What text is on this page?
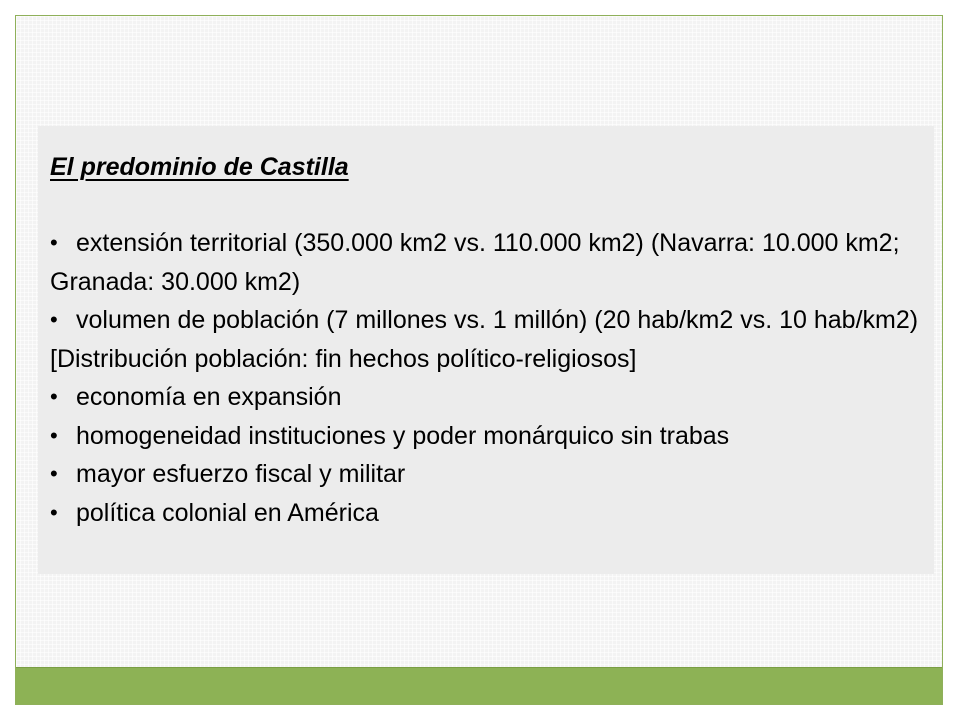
El predominio de Castilla
• extensión territorial (350.000 km2 vs. 110.000 km2) (Navarra: 10.000 km2; Granada: 30.000 km2)
• volumen de población (7 millones vs. 1 millón) (20 hab/km2 vs. 10 hab/km2) [Distribución población: fin hechos político-religiosos]
• economía en expansión
• homogeneidad instituciones y poder monárquico sin trabas
• mayor esfuerzo fiscal y militar
• política colonial en América
